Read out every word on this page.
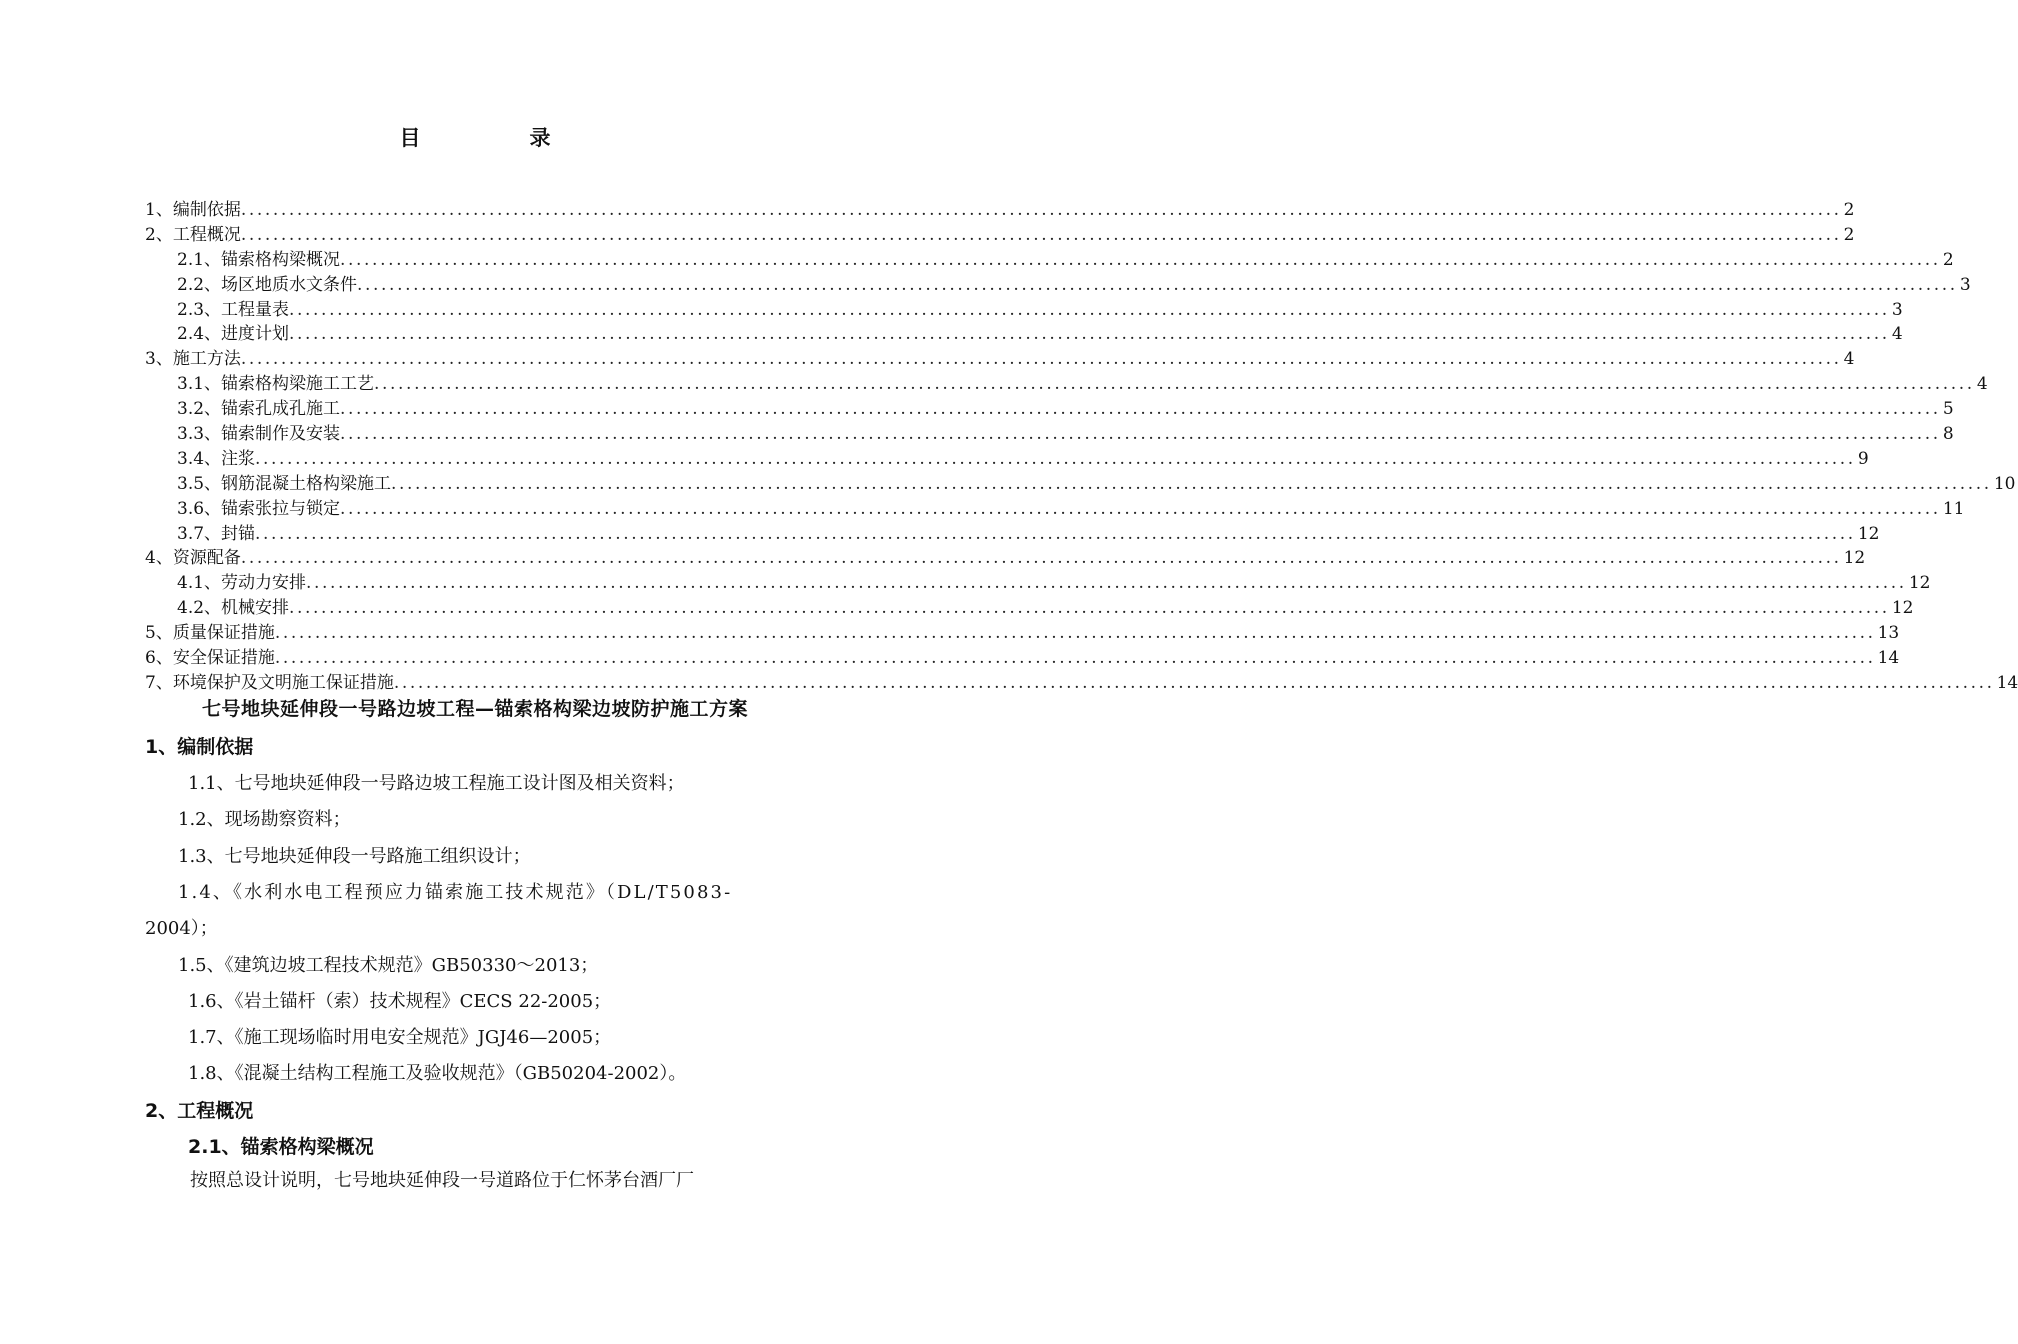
目　录
1、编制依据 ........................................................................................................................................................................................................ 2
2、工程概况 ........................................................................................................................................................................................................ 2
2.1、锚索格构梁概况 ........................................................................................................................................................................................................ 2
2.2、场区地质水文条件 ........................................................................................................................................................................................................ 3
2.3、工程量表 ........................................................................................................................................................................................................ 3
2.4、进度计划 ........................................................................................................................................................................................................ 4
3、施工方法 ........................................................................................................................................................................................................ 4
3.1、锚索格构梁施工工艺 ........................................................................................................................................................................................................ 4
3.2、锚索孔成孔施工 ........................................................................................................................................................................................................ 5
3.3、锚索制作及安装 ........................................................................................................................................................................................................ 8
3.4、注浆 ........................................................................................................................................................................................................ 9
3.5、钢筋混凝土格构梁施工 ........................................................................................................................................................................................................ 10
3.6、锚索张拉与锁定 ........................................................................................................................................................................................................ 11
3.7、封锚 ........................................................................................................................................................................................................ 12
4、资源配备 ........................................................................................................................................................................................................ 12
4.1、劳动力安排 ........................................................................................................................................................................................................ 12
4.2、机械安排 ........................................................................................................................................................................................................ 12
5、质量保证措施 ........................................................................................................................................................................................................ 13
6、安全保证措施 ........................................................................................................................................................................................................ 14
7、环境保护及文明施工保证措施 ........................................................................................................................................................................................................ 14
七号地块延伸段一号路边坡工程—锚索格构梁边坡防护施工方案
1、编制依据
1.1、七号地块延伸段一号路边坡工程施工设计图及相关资料；
1.2、现场勘察资料；
1.3、七号地块延伸段一号路施工组织设计；
1.4、《水利水电工程预应力锚索施工技术规范》（DL/T5083-
2004）；
1.5、《建筑边坡工程技术规范》GB50330～2013；
1.6、《岩土锚杆（索）技术规程》CECS 22-2005；
1.7、《施工现场临时用电安全规范》JGJ46—2005；
1.8、《混凝土结构工程施工及验收规范》（GB50204-2002）。
2、工程概况
2.1、锚索格构梁概况
按照总设计说明，七号地块延伸段一号道路位于仁怀茅台酒厂厂
